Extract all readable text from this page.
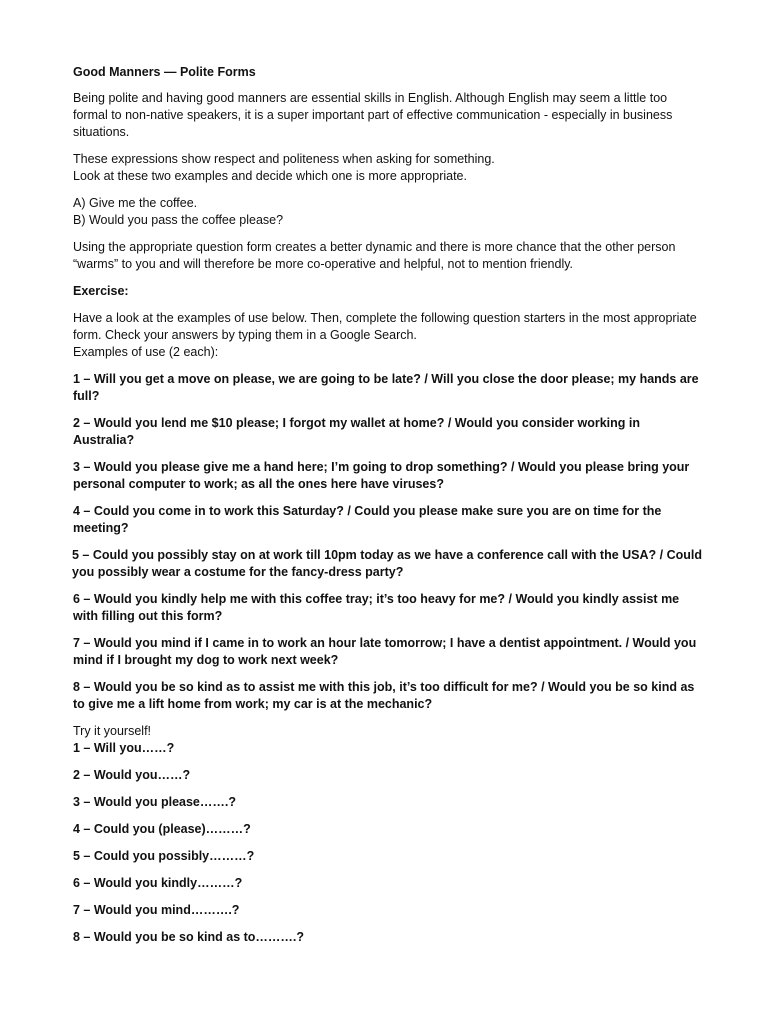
Good Manners — Polite Forms
Being polite and having good manners are essential skills in English. Although English may seem a little too formal to non-native speakers, it is a super important part of effective communication - especially in business situations.
These expressions show respect and politeness when asking for something.
Look at these two examples and decide which one is more appropriate.
A) Give me the coffee.
B) Would you pass the coffee please?
Using the appropriate question form creates a better dynamic and there is more chance that the other person “warms” to you and will therefore be more co-operative and helpful, not to mention friendly.
Exercise:
Have a look at the examples of use below. Then, complete the following question starters in the most appropriate form. Check your answers by typing them in a Google Search.
Examples of use (2 each):
1 – Will you get a move on please, we are going to be late? / Will you close the door please; my hands are full?
2 – Would you lend me $10 please; I forgot my wallet at home? / Would you consider working in Australia?
3 – Would you please give me a hand here; I’m going to drop something? / Would you please bring your personal computer to work; as all the ones here have viruses?
4 – Could you come in to work this Saturday? / Could you please make sure you are on time for the meeting?
5 – Could you possibly stay on at work till 10pm today as we have a conference call with the USA? / Could you possibly wear a costume for the fancy-dress party?
6 – Would you kindly help me with this coffee tray; it’s too heavy for me? / Would you kindly assist me with filling out this form?
7 – Would you mind if I came in to work an hour late tomorrow; I have a dentist appointment. / Would you mind if I brought my dog to work next week?
8 – Would you be so kind as to assist me with this job, it’s too difficult for me? / Would you be so kind as to give me a lift home from work; my car is at the mechanic?
Try it yourself!
1 – Will you……?
2 – Would you……?
3 – Would you please…….?
4 – Could you (please)………?
5 – Could you possibly………?
6 – Would you kindly………?
7 – Would you mind……….?
8 – Would you be so kind as to……….?
